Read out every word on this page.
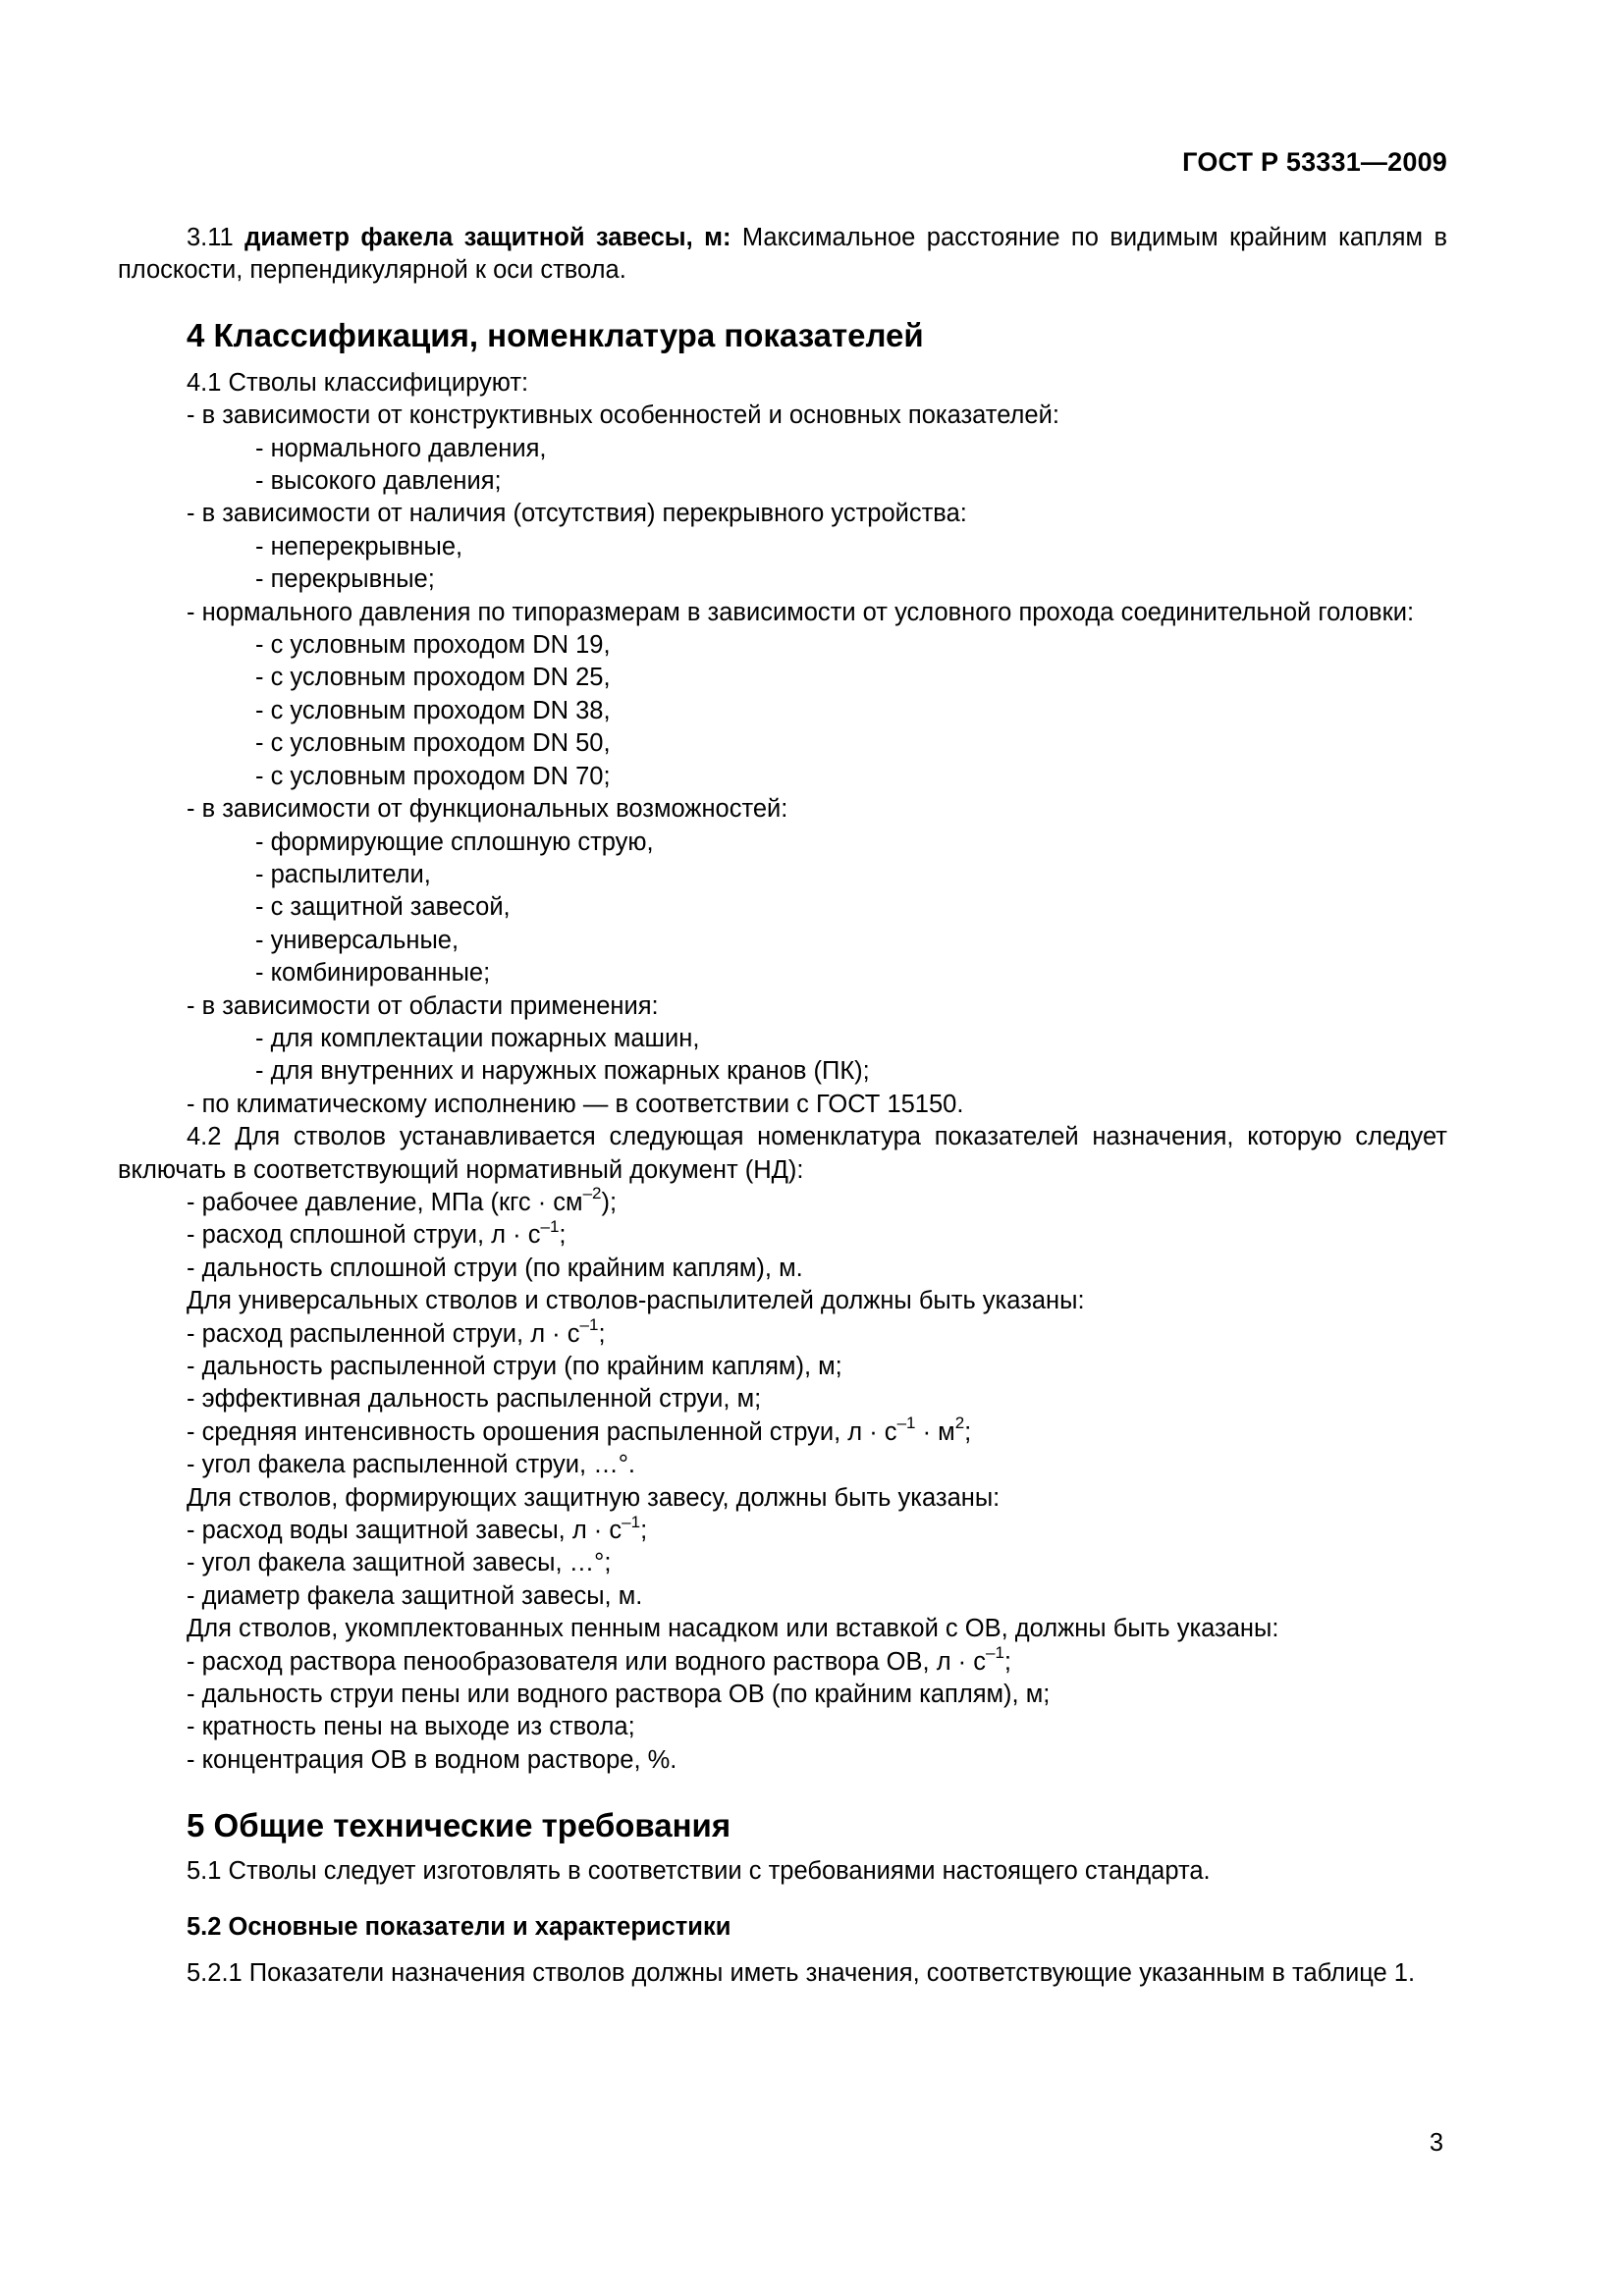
ГОСТ Р 53331—2009

3.11 диаметр факела защитной завесы, м: Максимальное расстояние по видимым крайним каплям в плоскости, перпендикулярной к оси ствола.

4 Классификация, номенклатура показателей

4.1 Стволы классифицируют:

- в зависимости от конструктивных особенностей и основных показателей:

- нормального давления,

- высокого давления;

- в зависимости от наличия (отсутствия) перекрывного устройства:

- неперекрывные,

- перекрывные;

- нормального давления по типоразмерам в зависимости от условного прохода соединительной головки:

- с условным проходом DN 19,

- с условным проходом DN 25,

- с условным проходом DN 38,

- с условным проходом DN 50,

- с условным проходом DN 70;

- в зависимости от функциональных возможностей:

- формирующие сплошную струю,

- распылители,

- с защитной завесой,

- универсальные,

- комбинированные;

- в зависимости от области применения:

- для комплектации пожарных машин,

- для внутренних и наружных пожарных кранов (ПК);

- по климатическому исполнению — в соответствии с ГОСТ 15150.

4.2 Для стволов устанавливается следующая номенклатура показателей назначения, которую следует включать в соответствующий нормативный документ (НД):

- рабочее давление, МПа $(кгс \cdot см^{-2})$;

- расход сплошной струи, $л \cdot с^{-1}$;

- дальность сплошной струи (по крайним каплям), м.

Для универсальных стволов и стволов-распылителей должны быть указаны:

- расход распыленной струи, $л \cdot с^{-1}$;

- дальность распыленной струи (по крайним каплям), м;

- эффективная дальность распыленной струи, м;

- средняя интенсивность орошения распыленной струи, $л \cdot с^{-1} \cdot м^2$;

- угол факела распыленной струи, …°.

Для стволов, формирующих защитную завесу, должны быть указаны:

- расход воды защитной завесы, $л \cdot с^{-1}$;

- угол факела защитной завесы, …°;

- диаметр факела защитной завесы, м.

Для стволов, укомплектованных пенным насадком или вставкой с ОВ, должны быть указаны:

- расход раствора пенообразователя или водного раствора ОВ, $л \cdot с^{-1}$;

- дальность струи пены или водного раствора ОВ (по крайним каплям), м;

- кратность пены на выходе из ствола;

- концентрация ОВ в водном растворе, %.

5 Общие технические требования

5.1 Стволы следует изготовлять в соответствии с требованиями настоящего стандарта.

5.2 Основные показатели и характеристики

5.2.1 Показатели назначения стволов должны иметь значения, соответствующие указанным в таблице 1.

3
